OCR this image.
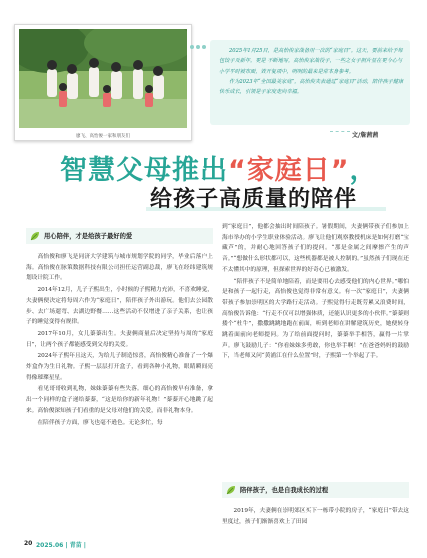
廖飞、高怡俊一家和朋友们

2025年1月25日，是高怡俊家战备用一次的“家庭日”。这天，要前来给予每包饺子及新年。更是 不断地写，高怡俊家战役子，一些之女子照片显在更今心与小学平时被布面，效开复项中，明明的最来是常本身参考。

作为2023年“全国最美家庭”，高怡俊夫表通过“家庭日”活动，陪伴孩子健康快乐成长，引领是子家度走向幸福。

文/詹茜茜
智慧父母推出“家庭日”，
给孩子高质量的陪伴
用心陪伴，才是给孩子最好的爱

高怡俊和廖飞是同济大学建筑与城市规划学院的同学，毕业后落户上海。高怡俊在脉策数据科技有限公司担任运营副总裁，廖飞在经纬建筑规划设计院工作。

2014年12月，儿子子熙出生，小时候的子熙精力充沛，不喜欢睡觉，夫妻俩便决定将每周六作为“家庭日”，陪伴孩子外出游玩。他们去公园散步、去广场遛弯、去湖边野餐……这些活动不仅增进了亲子关系，也让孩子的睡觉变得有规律。

2017年10月，女儿蓁蓁出生。夫妻俩商量后决定坚持与周的“家庭日”，让两个孩子都能感受到父母的关爱。

2024年子熙年且这天，为给儿子制造惊喜，高怡俊精心准备了一个爆炸盒作为生日礼物。子熙一层层打开盒子，看到各种小礼物，眼睛瞬间亮得像璀璨星星。

看见哥哥收到礼物，妹妹蓁蓁有些失落。细心的高怡俊早有准备，拿出一个同样的盒子递给蓁蓁，“这是给你的新年礼物！”蓁蓁开心地跳了起来。高怡俊深知孩子们看重的是父母对他们的关爱，而非礼物本身。

在陪伴孩子方面，廖飞也毫不逊色。无论多忙，每

到“家庭日”，他都会抽出时间陪孩子。暑假期间，夫妻俩带孩子们参加上海市举办的小学生职业体验活动。廖飞让他们观察教授机床是如何打磨“宝藏芦”的，并耐心地回答孩子们的提问。“那是金属之间摩擦产生的声音。”“想做什么形状都可以，这些机器都是被人控制的。”虽然孩子们现在还不太懂其中的原理，但探索世界的好奇心已被激发。

“陪伴孩子不是简单地陪着，而是要用心去感受他们的内心世界。”哪怕是和孩子一起行走，高怡俊也觉得非常有意义。有一次“家庭日”，夫妻俩带孩子参加崇明区的大学路行走活动。子熙觉得行走既劳累又浪费时间，高怡俊告诉他：“行走不仅可以增强体质，还能认识更多的小伙伴。”蓁蓁则搂个“杜牛”，撒撒跳跳地跑在前面，听到老师在讲解建筑历史，她便转身跳着面前向老师提问。为了给前面提问时，蓁蓁举手相答，赢得一片掌声。廖飞鼓励儿子：“你看妹妹多勇敢，你也举手啊！”在爸爸妈妈的鼓励下，当老师又问“黄浦江在什么位置”时，子熙第一个举起了手。

陪伴孩子，也是自我成长的过程

2019年，夫妻俩在崇明郊区买下一栋带小院的房子，“家庭日”带去这里度过，孩子们渐渐喜欢上了田园

20 2025.06 | 青苗 |
